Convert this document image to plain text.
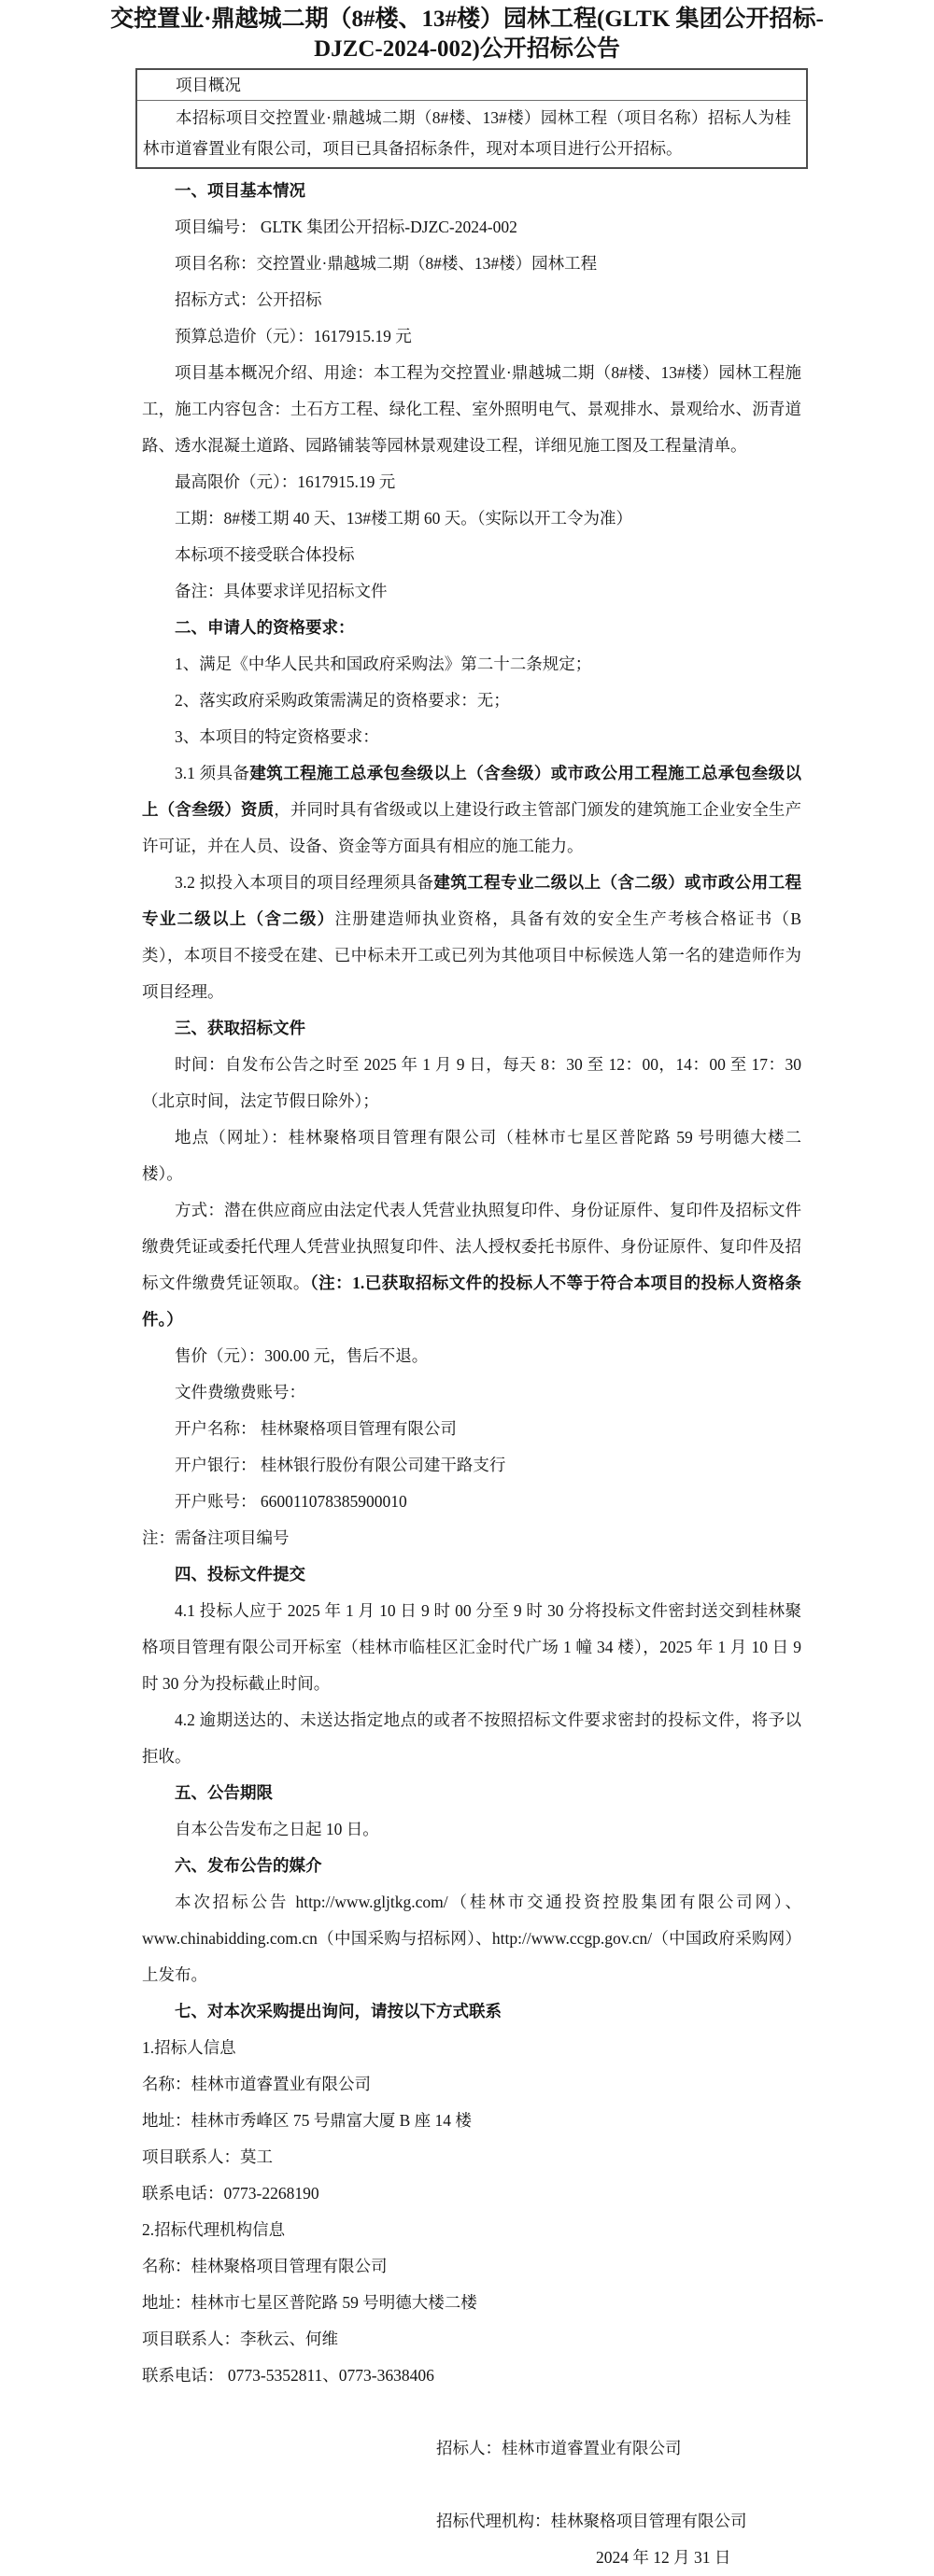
交控置业·鼎越城二期（8#楼、13#楼）园林工程(GLTK 集团公开招标-DJZC-2024-002)公开招标公告
项目概况
本招标项目交控置业·鼎越城二期（8#楼、13#楼）园林工程（项目名称）招标人为桂林市道睿置业有限公司，项目已具备招标条件，现对本项目进行公开招标。
一、项目基本情况
项目编号： GLTK 集团公开招标-DJZC-2024-002
项目名称：交控置业·鼎越城二期（8#楼、13#楼）园林工程
招标方式：公开招标
预算总造价（元）：1617915.19 元
项目基本概况介绍、用途：本工程为交控置业·鼎越城二期（8#楼、13#楼）园林工程施工，施工内容包含：土石方工程、绿化工程、室外照明电气、景观排水、景观给水、沥青道路、透水混凝土道路、园路铺装等园林景观建设工程，详细见施工图及工程量清单。
最高限价（元）：1617915.19 元
工期：8#楼工期 40 天、13#楼工期 60 天。（实际以开工令为准）
本标项不接受联合体投标
备注：具体要求详见招标文件
二、申请人的资格要求：
1、满足《中华人民共和国政府采购法》第二十二条规定；
2、落实政府采购政策需满足的资格要求：无；
3、本项目的特定资格要求：
3.1 须具备建筑工程施工总承包叁级以上（含叁级）或市政公用工程施工总承包叁级以上（含叁级）资质，并同时具有省级或以上建设行政主管部门颁发的建筑施工企业安全生产许可证，并在人员、设备、资金等方面具有相应的施工能力。
3.2 拟投入本项目的项目经理须具备建筑工程专业二级以上（含二级）或市政公用工程专业二级以上（含二级）注册建造师执业资格，具备有效的安全生产考核合格证书（B 类），本项目不接受在建、已中标未开工或已列为其他项目中标候选人第一名的建造师作为项目经理。
三、获取招标文件
时间：自发布公告之时至 2025 年 1 月 9 日，每天 8：30 至 12：00，14：00 至 17：30（北京时间，法定节假日除外）；
地点（网址）：桂林聚格项目管理有限公司（桂林市七星区普陀路 59 号明德大楼二楼）。
方式：潜在供应商应由法定代表人凭营业执照复印件、身份证原件、复印件及招标文件缴费凭证或委托代理人凭营业执照复印件、法人授权委托书原件、身份证原件、复印件及招标文件缴费凭证领取。（注：1.已获取招标文件的投标人不等于符合本项目的投标人资格条件。）
售价（元）：300.00 元，售后不退。
文件费缴费账号：
开户名称： 桂林聚格项目管理有限公司
开户银行： 桂林银行股份有限公司建干路支行
开户账号： 660011078385900010
注：需备注项目编号
四、投标文件提交
4.1 投标人应于 2025 年 1 月 10 日 9 时 00 分至 9 时 30 分将投标文件密封送交到桂林聚格项目管理有限公司开标室（桂林市临桂区汇金时代广场 1 幢 34 楼），2025 年 1 月 10 日 9 时 30 分为投标截止时间。
4.2 逾期送达的、未送达指定地点的或者不按照招标文件要求密封的投标文件，将予以拒收。
五、公告期限
自本公告发布之日起 10 日。
六、发布公告的媒介
本次招标公告 http://www.gljtkg.com/（桂林市交通投资控股集团有限公司网）、www.chinabidding.com.cn（中国采购与招标网）、http://www.ccgp.gov.cn/（中国政府采购网）上发布。
七、对本次采购提出询问，请按以下方式联系
1.招标人信息
名称：桂林市道睿置业有限公司
地址：桂林市秀峰区 75 号鼎富大厦 B 座 14 楼
项目联系人：莫工
联系电话：0773-2268190
2.招标代理机构信息
名称：桂林聚格项目管理有限公司
地址：桂林市七星区普陀路 59 号明德大楼二楼
项目联系人：李秋云、何维
联系电话： 0773-5352811、0773-3638406
招标人：桂林市道睿置业有限公司
招标代理机构：桂林聚格项目管理有限公司
2024 年 12 月 31 日
